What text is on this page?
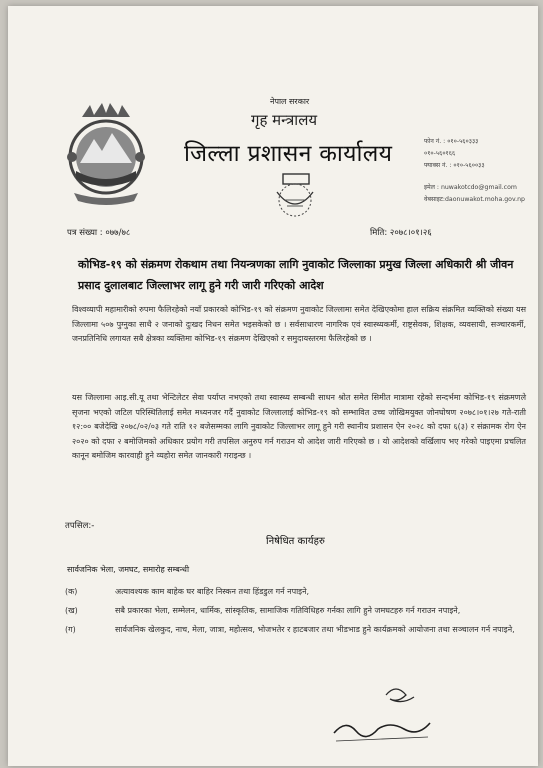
नेपाल सरकार
गृह मन्त्रालय
जिल्ला प्रशासन कार्यालय	फोन नं. : ०१०-५६०३३३
०१०-५६०१६६
फ्याक्स नं. : ०१०-५६००३३
इमेल : nuwakotcdo@gmail.com
वेबसाइट:daonuwakot.moha.gov.np
पत्र संख्या : ०७७/७८	मिति: २०७८।०१।२६
कोभिड-१९ को संक्रमण रोकथाम तथा नियन्त्रणका लागि नुवाकोट जिल्लाका प्रमुख जिल्ला अधिकारी श्री जीवन प्रसाद दुलालबाट जिल्लाभर लागू हुने गरी जारी गरिएको आदेश
विश्वव्यापी महामारीको रुपमा फैलिरहेको नयाँ प्रकारको कोभिड-१९ को संक्रमण नुवाकोट जिल्लामा समेत देखिएकोमा हाल सक्रिय संक्रमित व्यक्तिको संख्या यस जिल्लामा ५०७ पुग्नुका साथै २ जनाको दुःखद निधन समेत भइसकेको छ । सर्वसाधारण नागरिक एवं स्वास्थ्यकर्मी, राष्ट्रसेवक, शिक्षक, व्यवसायी, सञ्चारकर्मी, जनप्रतिनिधि लगायत सबै क्षेत्रका व्यक्तिमा कोभिड-१९ संक्रमण देखिएको र समुदायस्तरमा फैलिरहेको छ ।
यस जिल्लामा आइ.सी.यू तथा भेन्टिलेटर सेवा पर्याप्त नभएको तथा स्वास्थ्य सम्बन्धी साधन श्रोत समेत सिमीत मात्रामा रहेको सन्दर्भमा कोभिड-१९ संक्रमणले सृजना भएको जटिल परिस्थितिलाई समेत मध्यनजर गर्दै नुवाकोट जिल्लालाई कोभिड-१९ को सम्भावित उच्च जोखिमयुक्त जोनघोषण २०७८।०१।२७ गते-राती १२:०० बजेदेखि २०७८/०२/०३ गते राति १२ बजेसम्मका लागि नुवाकोट जिल्लाभर लागू हुने गरी स्थानीय प्रशासन ऐन २०२८ को दफा ६(३) र संक्रामक रोग ऐन २०२० को दफा २ बमोजिमको अधिकार प्रयोग गरी तपसिल अनुरुप गर्न गराउन यो आदेश जारी गरिएको छ । यो आदेशको वर्खिलाप भए गरेको पाइएमा प्रचलित कानून बमोजिम कारवाही हुने व्यहोरा समेत जानकारी गराइन्छ ।
तपसिल:-
निषेधित कार्यहरु
सार्वजनिक भेला, जमघट, समारोह सम्बन्धी
(क)	अत्यावश्यक काम बाहेक घर बाहिर निस्कन तथा हिंडडुल गर्न नपाइने,
(ख)	सबै प्रकारका भेला, सम्मेलन, धार्मिक, सांस्कृतिक, सामाजिक गतिविधिहरु गर्नका लागि हुने जमघटहरु गर्न गराउन नपाइने,
(ग)	सार्वजनिक खेलकुद, नाच, मेला, जात्रा, महोत्सव, भोजभतेर र हाटबजार तथा भीडभाड हुने कार्यक्रमको आयोजना तथा सञ्चालन गर्न नपाइने,
